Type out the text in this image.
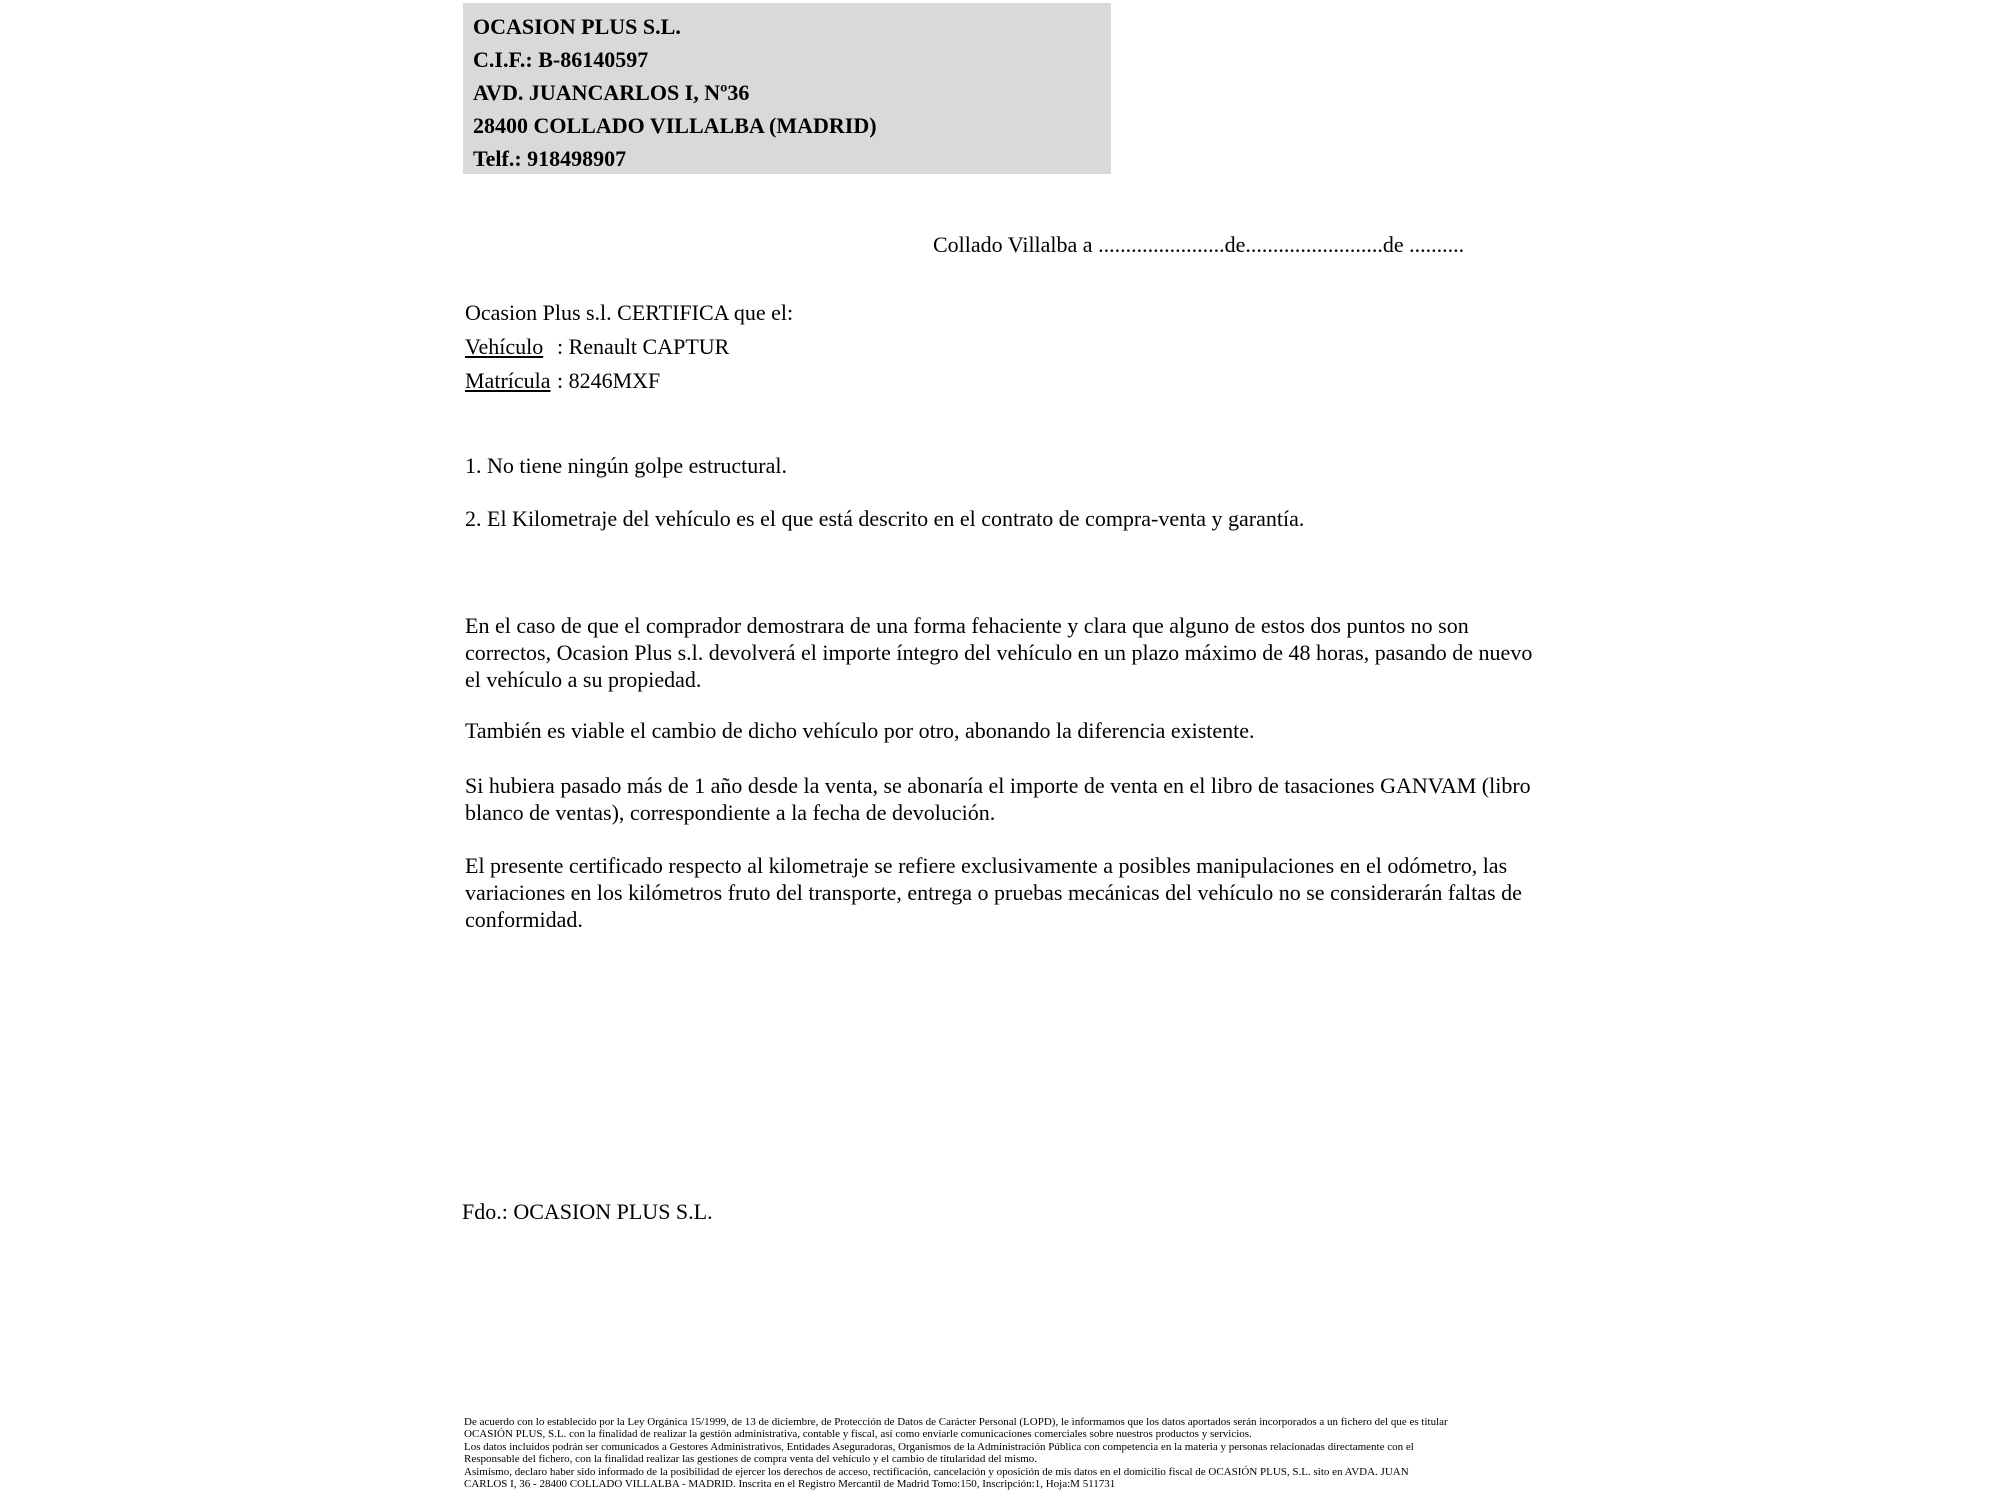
OCASION PLUS S.L.
C.I.F.: B-86140597
AVD. JUANCARLOS I, Nº36
28400 COLLADO VILLALBA (MADRID)
Telf.: 918498907
Collado Villalba a .......................de.........................de ..........
Ocasion Plus s.l. CERTIFICA que el:
Vehículo : Renault CAPTUR
Matrícula : 8246MXF
1. No tiene ningún golpe estructural.
2. El Kilometraje del vehículo es el que está descrito en el contrato de compra-venta y garantía.
En el caso de que el comprador demostrara de una forma fehaciente y clara que alguno de estos dos puntos no son correctos, Ocasion Plus s.l. devolverá el importe íntegro del vehículo en un plazo máximo de 48 horas, pasando de nuevo el vehículo a su propiedad.
También es viable el cambio de dicho vehículo por otro, abonando la diferencia existente.
Si hubiera pasado más de 1 año desde la venta, se abonaría el importe de venta en el libro de tasaciones GANVAM (libro blanco de ventas), correspondiente a la fecha de devolución.
El presente certificado respecto al kilometraje se refiere exclusivamente a posibles manipulaciones en el odómetro, las variaciones en los kilómetros fruto del transporte, entrega o pruebas mecánicas del vehículo no se considerarán faltas de conformidad.
Fdo.: OCASION PLUS S.L.
De acuerdo con lo establecido por la Ley Orgánica 15/1999, de 13 de diciembre, de Protección de Datos de Carácter Personal (LOPD), le informamos que los datos aportados serán incorporados a un fichero del que es titular
OCASIÓN PLUS, S.L. con la finalidad de realizar la gestión administrativa, contable y fiscal, así como enviarle comunicaciones comerciales sobre nuestros productos y servicios.
Los datos incluidos podrán ser comunicados a Gestores Administrativos, Entidades Aseguradoras, Organismos de la Administración Pública con competencia en la materia y personas relacionadas directamente con el
Responsable del fichero, con la finalidad realizar las gestiones de compra venta del vehículo y el cambio de titularidad del mismo.
Asimismo, declaro haber sido informado de la posibilidad de ejercer los derechos de acceso, rectificación, cancelación y oposición de mis datos en el domicilio fiscal de OCASIÓN PLUS, S.L. sito en AVDA. JUAN
CARLOS I, 36 - 28400 COLLADO VILLALBA - MADRID. Inscrita en el Registro Mercantil de Madrid Tomo:150, Inscripción:1, Hoja:M 511731
